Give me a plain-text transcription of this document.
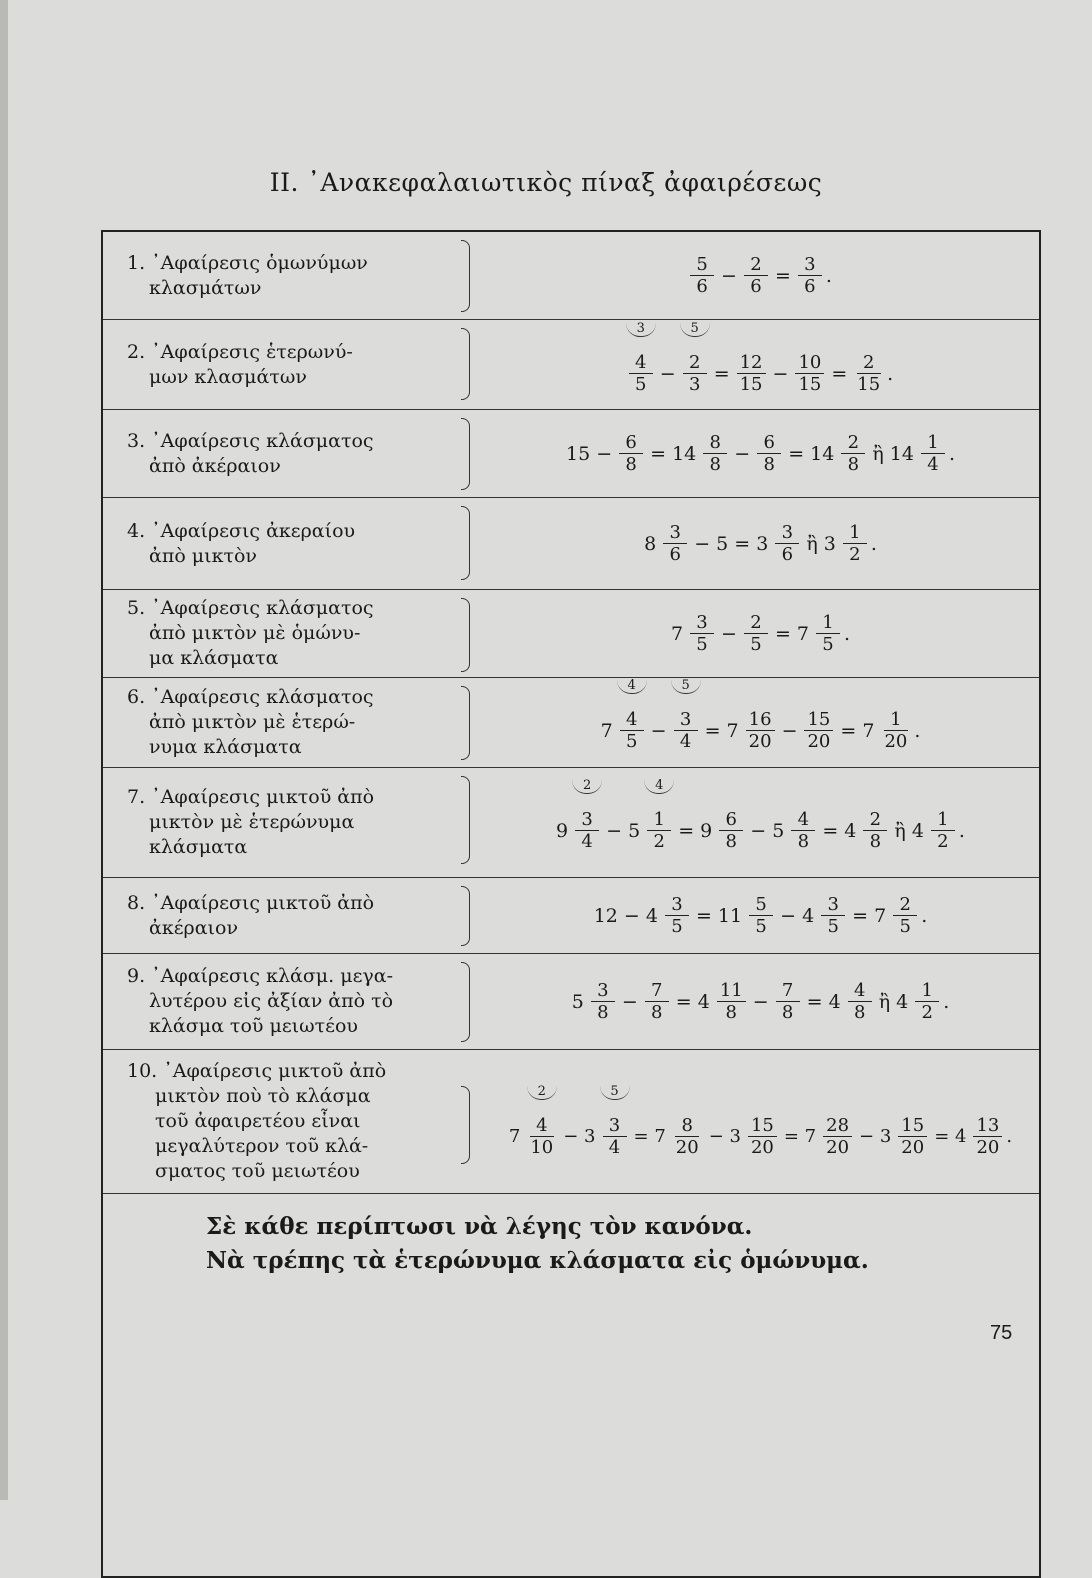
II. ᾿Ανακεφαλαιωτικὸς πίναξ ἀφαιρέσεως
1. ᾿Αφαίρεσις ὁμωνύμων
κλασμάτων	$\frac{5}{6} - \frac{2}{6} = \frac{3}{6}$ .
2. ᾿Αφαίρεσις ἑτερωνύ-
μων κλασμάτων
3
4
5 −
5
2
$3 = \frac{12}{15} - \frac{10}{15} = \frac{2}{15}$ .
3. ᾿Αφαίρεσις κλάσματος
ἀπὸ ἀκέραιον
$15 - \frac{6}{8} = 14 \frac{8}{8} - \frac{6}{8} = 14 \frac{2}{8}$ ἢ $14 \frac{1}{4}$ .
4. ᾿Αφαίρεσις ἀκεραίου
ἀπὸ μικτὸν
$8 \frac{3}{6} - 5 = 3 \frac{3}{6}$ ἢ $3 \frac{1}{2}$ .
5. ᾿Αφαίρεσις κλάσματος
ἀπὸ μικτὸν μὲ ὁμώνυ-
μα κλάσματα
$7 \frac{3}{5} - \frac{2}{5} = 7 \frac{1}{5}$ .
6. ᾿Αφαίρεσις κλάσματος
ἀπὸ μικτὸν μὲ ἑτερώ-
νυμα κλάσματα
7
4
4
5 −
5
3
$4 = 7 \frac{16}{20} - \frac{15}{20} = 7 \frac{1}{20}$ .
7. ᾿Αφαίρεσις μικτοῦ ἀπὸ
μικτὸν μὲ ἑτερώνυμα
κλάσματα
9
2
3
4 − 5
4
1
$2 = 9 \frac{6}{8} - 5 \frac{4}{8} = 4 \frac{2}{8}$ ἢ $4 \frac{1}{2}$ .
8. ᾿Αφαίρεσις μικτοῦ ἀπὸ
ἀκέραιον
$12 - 4 \frac{3}{5} = 11 \frac{5}{5} - 4 \frac{3}{5} = 7 \frac{2}{5}$ .
9. ᾿Αφαίρεσις κλάσμ. μεγα-
λυτέρου εἰς ἀξίαν ἀπὸ τὸ
κλάσμα τοῦ μειωτέου
$5 \frac{3}{8} - \frac{7}{8} = 4 \frac{11}{8} - \frac{7}{8} = 4 \frac{4}{8}$ ἢ $4 \frac{1}{2}$ .
10. ᾿Αφαίρεσις μικτοῦ ἀπὸ
μικτὸν ποὺ τὸ κλάσμα
τοῦ ἀφαιρετέου εἶναι
μεγαλύτερον τοῦ κλά-
σματος τοῦ μειωτέου
7
2
4
10
− 3
5
3
4
= $7 \frac{8}{20} - 3 \frac{15}{20} = 7 \frac{28}{20} - 3 \frac{15}{20} = 4 \frac{13}{20}$ .
Σὲ κάθε περίπτωσι νὰ λέγης τὸν κανόνα.
Νὰ τρέπης τὰ ἑτερώνυμα κλάσματα εἰς ὁμώνυμα.
75
